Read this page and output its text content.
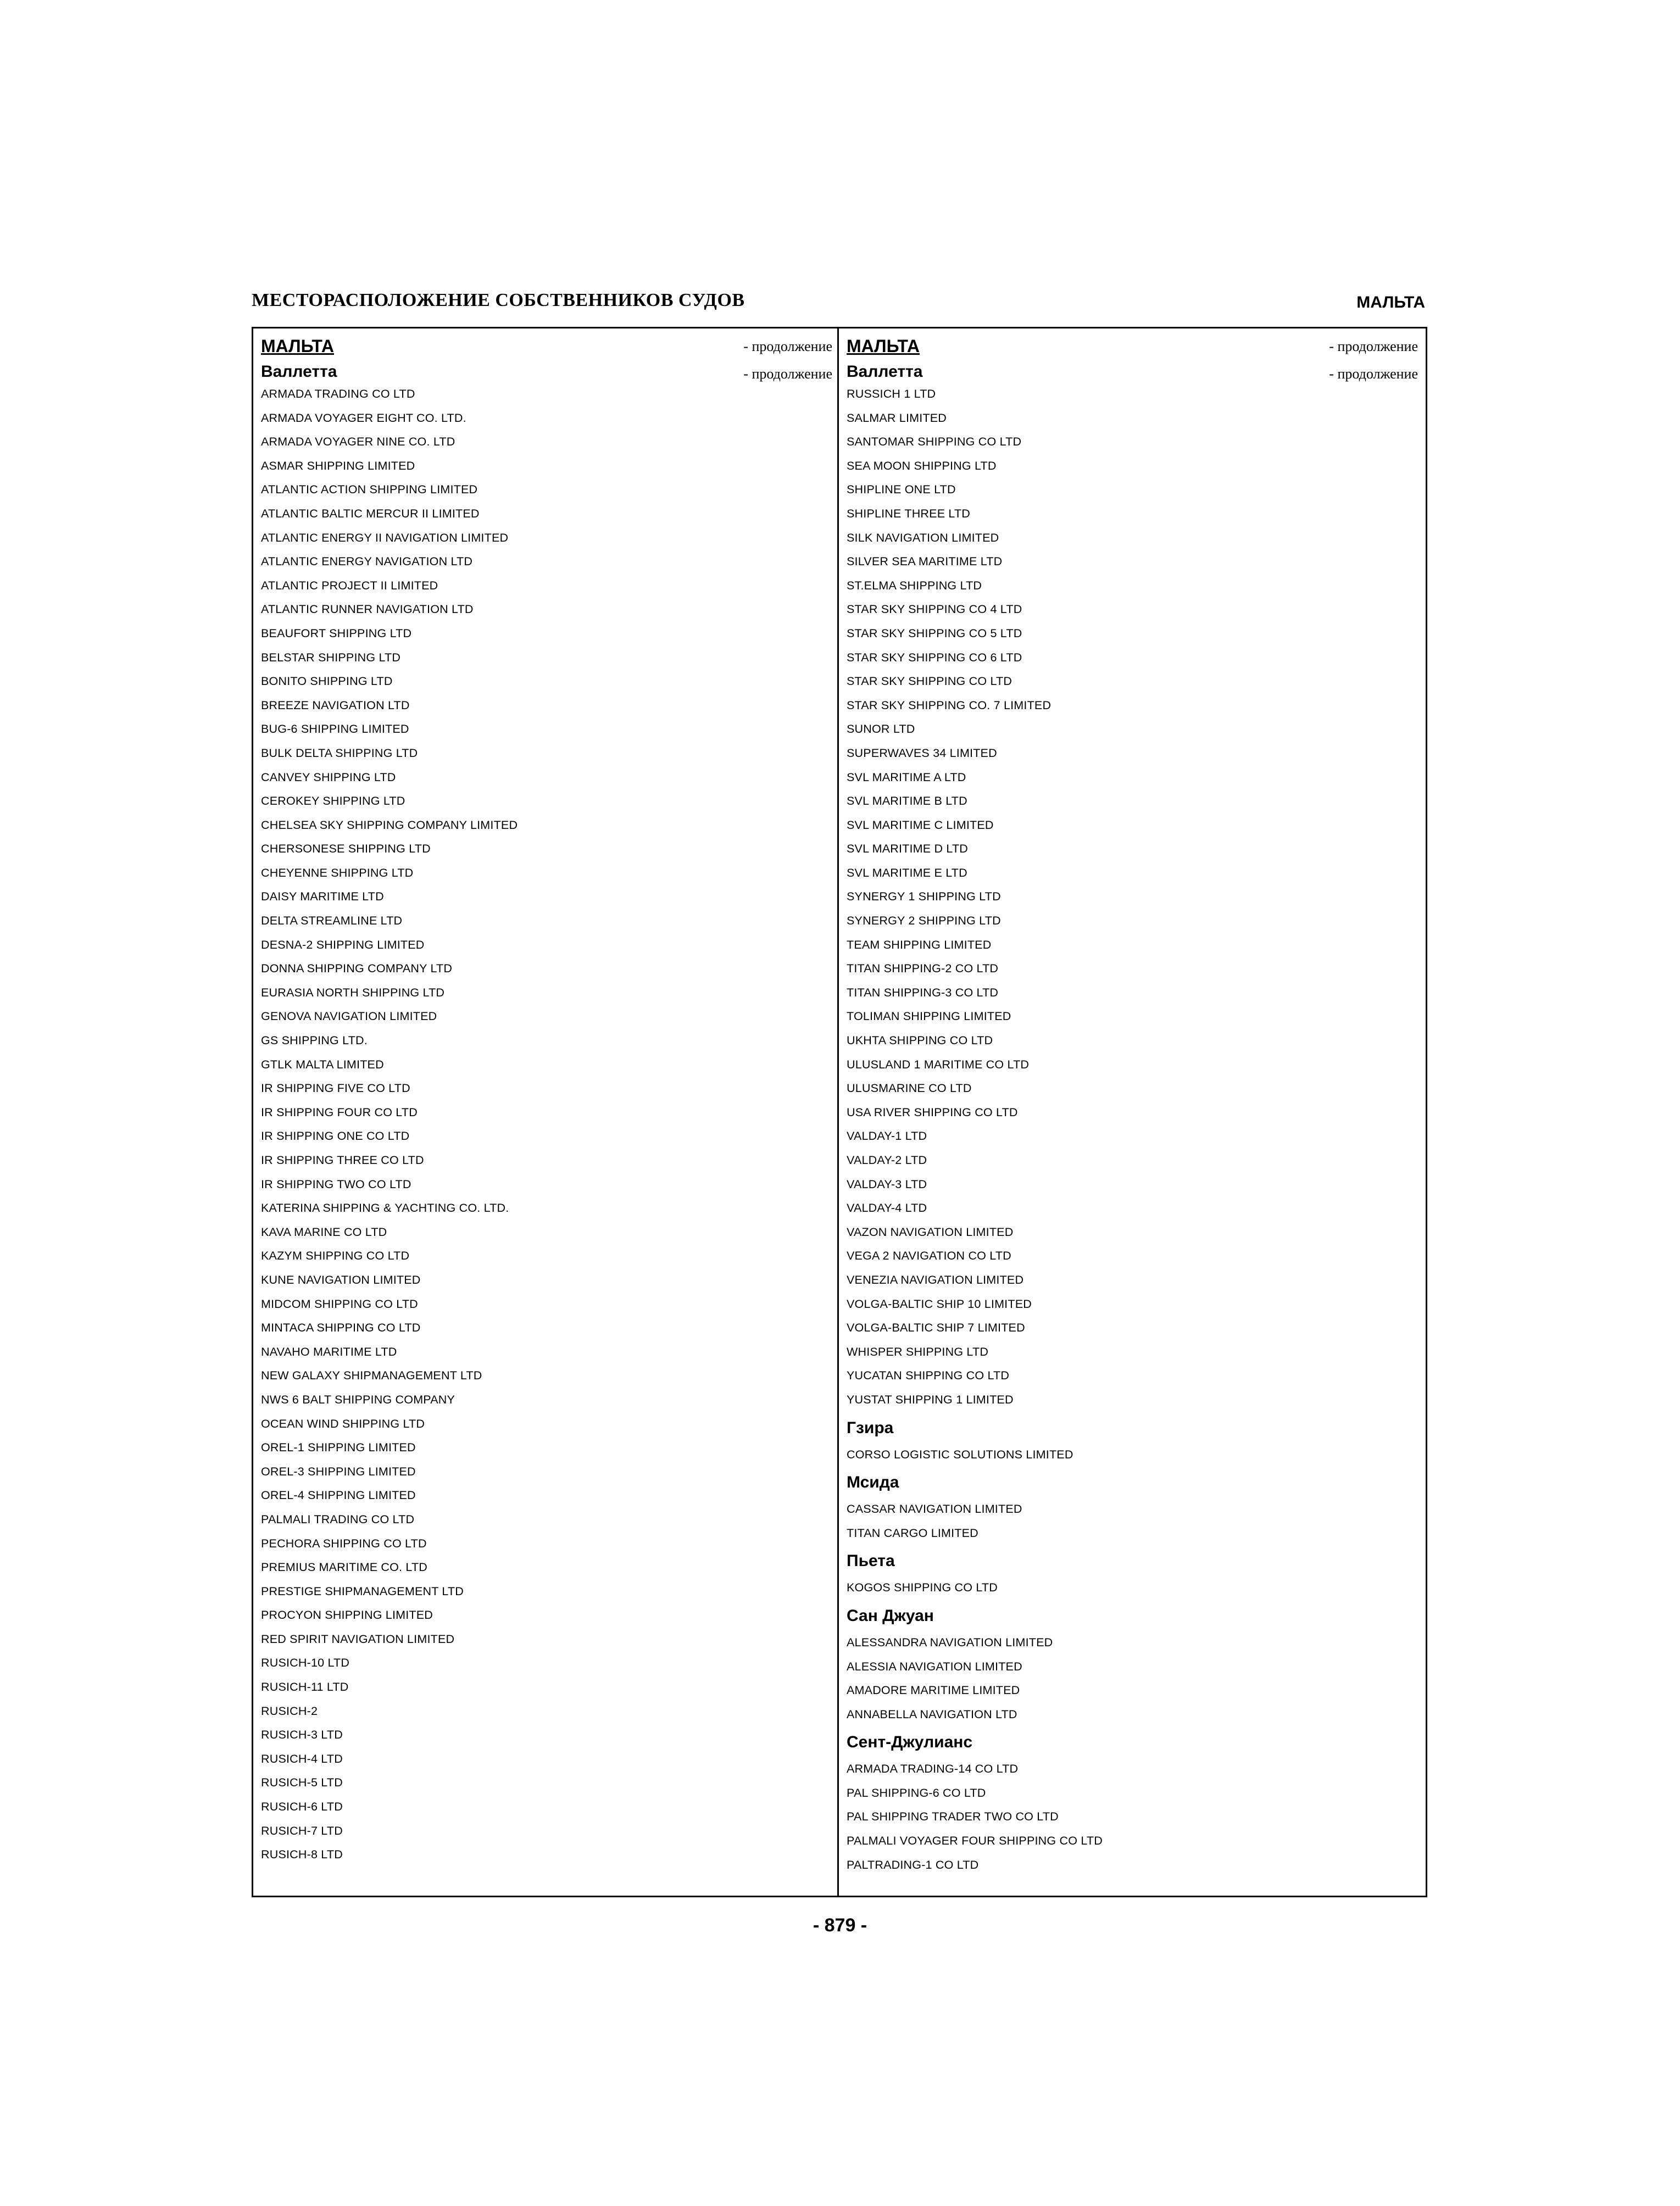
МЕСТОРАСПОЛОЖЕНИЕ СОБСТВЕННИКОВ СУДОВ	МАЛЬТА
МАЛЬТА	- продолжение
Валлетта	- продолжение
ARMADA TRADING CO LTD
ARMADA VOYAGER EIGHT CO. LTD.
ARMADA VOYAGER NINE CO. LTD
ASMAR SHIPPING LIMITED
ATLANTIC ACTION SHIPPING LIMITED
ATLANTIC BALTIC MERCUR II LIMITED
ATLANTIC ENERGY II NAVIGATION LIMITED
ATLANTIC ENERGY NAVIGATION LTD
ATLANTIC PROJECT II LIMITED
ATLANTIC RUNNER NAVIGATION LTD
BEAUFORT SHIPPING LTD
BELSTAR SHIPPING LTD
BONITO SHIPPING LTD
BREEZE NAVIGATION LTD
BUG-6 SHIPPING LIMITED
BULK DELTA SHIPPING LTD
CANVEY SHIPPING LTD
CEROKEY SHIPPING LTD
CHELSEA SKY SHIPPING COMPANY LIMITED
CHERSONESE SHIPPING LTD
CHEYENNE SHIPPING LTD
DAISY MARITIME LTD
DELTA STREAMLINE LTD
DESNA-2 SHIPPING LIMITED
DONNA SHIPPING COMPANY LTD
EURASIA NORTH SHIPPING LTD
GENOVA NAVIGATION LIMITED
GS SHIPPING LTD.
GTLK MALTA LIMITED
IR SHIPPING FIVE CO LTD
IR SHIPPING FOUR CO LTD
IR SHIPPING ONE CO LTD
IR SHIPPING THREE CO LTD
IR SHIPPING TWO CO LTD
KATERINA SHIPPING & YACHTING CO. LTD.
KAVA MARINE CO LTD
KAZYM SHIPPING CO LTD
KUNE NAVIGATION LIMITED
MIDCOM SHIPPING CO LTD
MINTACA SHIPPING CO LTD
NAVAHO MARITIME LTD
NEW GALAXY SHIPMANAGEMENT LTD
NWS 6 BALT SHIPPING COMPANY
OCEAN WIND SHIPPING LTD
OREL-1 SHIPPING LIMITED
OREL-3 SHIPPING LIMITED
OREL-4 SHIPPING LIMITED
PALMALI TRADING CO LTD
PECHORA SHIPPING CO LTD
PREMIUS MARITIME CO. LTD
PRESTIGE SHIPMANAGEMENT LTD
PROCYON SHIPPING LIMITED
RED SPIRIT NAVIGATION LIMITED
RUSICH-10 LTD
RUSICH-11 LTD
RUSICH-2
RUSICH-3 LTD
RUSICH-4 LTD
RUSICH-5 LTD
RUSICH-6 LTD
RUSICH-7 LTD
RUSICH-8 LTD
МАЛЬТА	- продолжение
Валлетта	- продолжение
RUSSICH 1 LTD
SALMAR LIMITED
SANTOMAR SHIPPING CO LTD
SEA MOON SHIPPING LTD
SHIPLINE ONE LTD
SHIPLINE THREE LTD
SILK NAVIGATION LIMITED
SILVER SEA MARITIME LTD
ST.ELMA SHIPPING LTD
STAR SKY SHIPPING CO 4 LTD
STAR SKY SHIPPING CO 5 LTD
STAR SKY SHIPPING CO 6 LTD
STAR SKY SHIPPING CO LTD
STAR SKY SHIPPING CO. 7 LIMITED
SUNOR LTD
SUPERWAVES 34 LIMITED
SVL MARITIME A LTD
SVL MARITIME B LTD
SVL MARITIME C LIMITED
SVL MARITIME D LTD
SVL MARITIME E LTD
SYNERGY 1 SHIPPING LTD
SYNERGY 2 SHIPPING LTD
TEAM SHIPPING LIMITED
TITAN SHIPPING-2 CO LTD
TITAN SHIPPING-3 CO LTD
TOLIMAN SHIPPING LIMITED
UKHTA SHIPPING CO LTD
ULUSLAND 1 MARITIME CO LTD
ULUSMARINE CO LTD
USA RIVER SHIPPING CO LTD
VALDAY-1 LTD
VALDAY-2 LTD
VALDAY-3 LTD
VALDAY-4 LTD
VAZON NAVIGATION LIMITED
VEGA 2 NAVIGATION CO LTD
VENEZIA NAVIGATION LIMITED
VOLGA-BALTIC SHIP 10 LIMITED
VOLGA-BALTIC SHIP 7 LIMITED
WHISPER SHIPPING LTD
YUCATAN SHIPPING CO LTD
YUSTAT SHIPPING 1 LIMITED
Гзира
CORSO LOGISTIC SOLUTIONS LIMITED
Мсида
CASSAR NAVIGATION LIMITED
TITAN CARGO LIMITED
Пьета
KOGOS SHIPPING CO LTD
Сан Джуан
ALESSANDRA NAVIGATION LIMITED
ALESSIA NAVIGATION LIMITED
AMADORE MARITIME LIMITED
ANNABELLA NAVIGATION LTD
Сент-Джулианс
ARMADA TRADING-14 CO LTD
PAL SHIPPING-6 CO LTD
PAL SHIPPING TRADER TWO CO LTD
PALMALI VOYAGER FOUR SHIPPING CO LTD
PALTRADING-1 CO LTD
- 879 -
